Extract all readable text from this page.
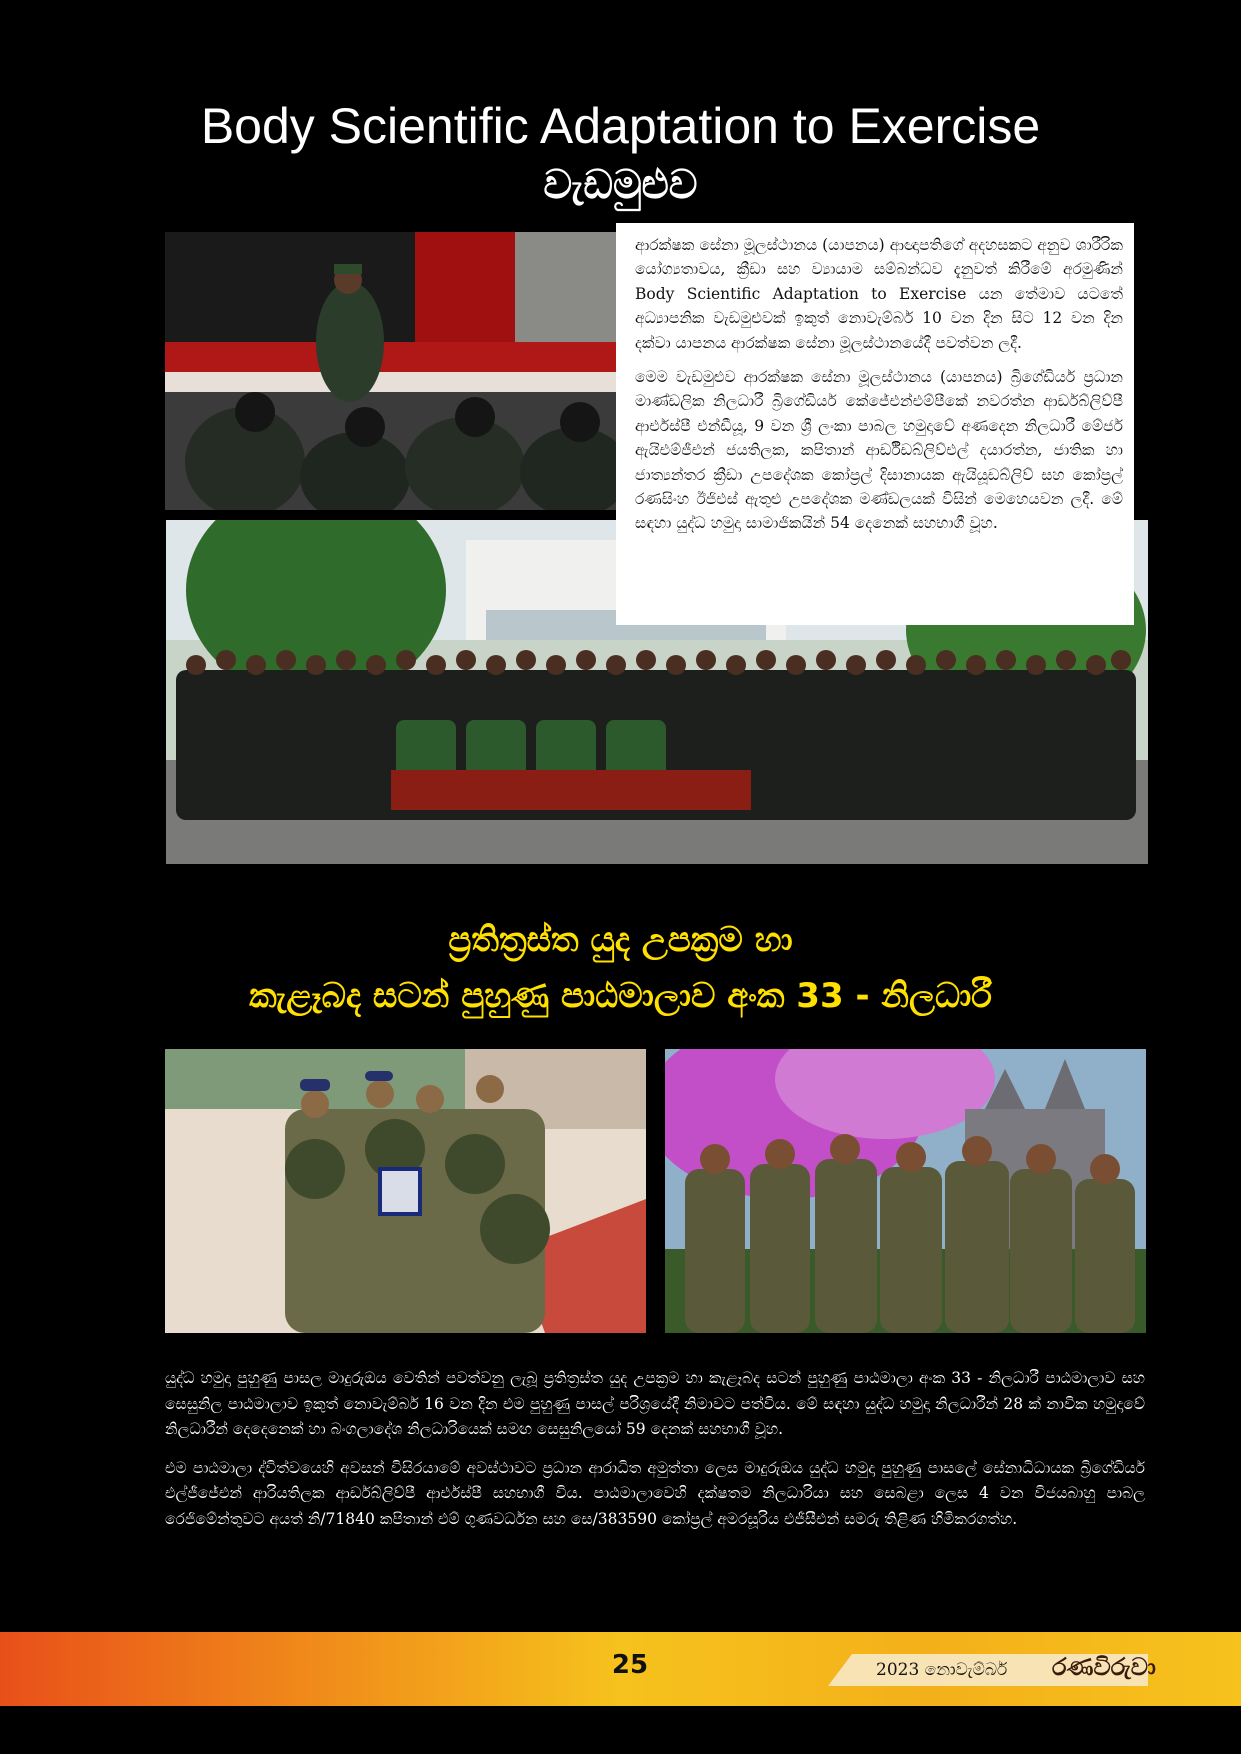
Body Scientific Adaptation to Exercise
වැඩමුළුව

ආරක්ෂක සේනා මූලස්ථානය (යාපනය) ආඥාපතිගේ අදහසකට අනුව ශාරීරික යෝග්‍යතාවය, ක්‍රීඩා සහ ව්‍යායාම සම්බන්ධව දැනුවත් කිරීමේ අරමුණින් Body Scientific Adaptation to Exercise යන තේමාව යටතේ අධ්‍යාපනික වැඩමුළුවක් ඉකුත් නොවැම්බර් 10 වන දින සිට 12 වන දින දක්වා යාපනය ආරක්ෂක සේනා මූලස්ථානයේදී පවත්වන ලදී.

මෙම වැඩමුළුව ආරක්ෂක සේනා මූලස්ථානය (යාපනය) බ්‍රිගේඩියර් ප්‍රධාන මාණ්ඩලික නිලධාරී බ්‍රිගේඩියර් කේජේඑන්එම්පීකේ නවරත්න ආර්ඩබ්ලිව්පී ආර්එස්පී එන්ඩීයූ, 9 වන ශ්‍රී ලංකා පාබල හමුදාවේ අණදෙන නිලධාරී මේජර් ඇයිඑම්ජීඑන් ජයතිලක, කපිතාන් ආර්ඩීඩබ්ලිව්එල් දයාරත්න, ජාතික හා ජාත්‍යන්තර ක්‍රීඩා උපදේශක කෝප්‍රල් දිසානායක ඇයියූඩබ්ලිව් සහ කෝප්‍රල් රණසිංහ ඊජිඑස් ඇතුළු උපදේශක මණ්ඩලයක් විසින් මෙහෙයවන ලදී. මේ සඳහා යුද්ධ හමුදා සාමාජිකයින් 54 දෙනෙක් සහභාගී වූහ.

ප්‍රතිත්‍රස්ත යුද උපක්‍රම හා
කැළෑබද සටන් පුහුණු පාඨමාලාව අංක 33 - නිලධාරී

යුද්ධ හමුදා පුහුණු පාසල මාදුරුඔය වෙතින් පවත්වනු ලැබූ ප්‍රතිත්‍රස්ත යුද උපක්‍රම හා කැළෑබද සටන් පුහුණු පාඨමාලා අංක 33 - නිලධාරී පාඨමාලාව සහ සෙසුනිල පාඨමාලාව ඉකුත් නොවැම්බර් 16 වන දින එම පුහුණු පාසල් පරිශ්‍රයේදී නිමාවට පත්විය. මේ සඳහා යුද්ධ හමුදා නිලධාරීන් 28 ක් නාවික හමුදාවේ නිලධාරීන් දෙදෙනෙක් හා බංගලාදේශ නිලධාරියෙක් සමඟ සෙසුනිලයෝ 59 දෙනක් සහභාගී වූහ.

එම පාඨමාලා ද්විත්වයෙහි අවසන් විසිරයාමේ අවස්ථාවට ප්‍රධාන ආරාධිත අමුත්තා ලෙස මාදුරුඔය යුද්ධ හමුදා පුහුණු පාසලේ සේනාධිධායක බ්‍රිගේඩියර් එල්ජීජේඑන් ආරියතිලක ආර්ඩබ්ලිව්පී ආර්එස්පී සහභාගී විය. පාඨමාලාවෙහි දක්ෂතම නිලධාරියා සහ සෙබළා ලෙස 4 වන විජයබාහු පාබල රෙජිමේන්තුවට අයත් නි/71840 කපිතාන් එම් ගුණවර්ධන සහ සෙ/383590 කෝප්‍රල් අමරසූරිය එජීසීඑන් සමරු තිළිණ හිමිකරගත්හ.

25	2023 නොවැම්බර් රණවිරුවා
